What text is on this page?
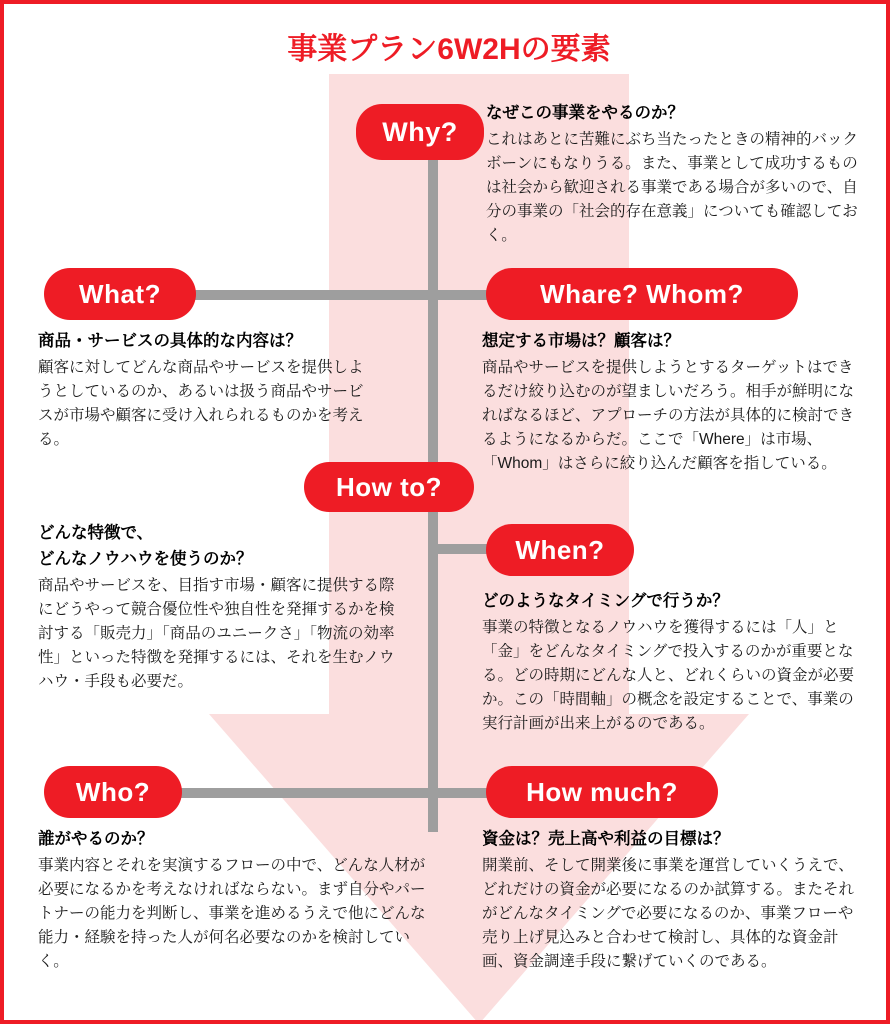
事業プラン6W2Hの要素
Why?
なぜこの事業をやるのか？
これはあとに苦難にぶち当たったときの精神的バックボーンにもなりうる。また、事業として成功するものは社会から歓迎される事業である場合が多いので、自分の事業の「社会的存在意義」についても確認しておく。
What?
商品・サービスの具体的な内容は？
顧客に対してどんな商品やサービスを提供しようとしているのか、あるいは扱う商品やサービスが市場や顧客に受け入れられるものかを考える。
Whare? Whom?
想定する市場は？顧客は？
商品やサービスを提供しようとするターゲットはできるだけ絞り込むのが望ましいだろう。相手が鮮明になればなるほど、アプローチの方法が具体的に検討できるようになるからだ。ここで「Where」は市場、「Whom」はさらに絞り込んだ顧客を指している。
How to?
どんな特徴で、
どんなノウハウを使うのか？
商品やサービスを、目指す市場・顧客に提供する際にどうやって競合優位性や独自性を発揮するかを検討する「販売力」「商品のユニークさ」「物流の効率性」といった特徴を発揮するには、それを生むノウハウ・手段も必要だ。
When?
どのようなタイミングで行うか？
事業の特徴となるノウハウを獲得するには「人」と「金」をどんなタイミングで投入するのかが重要となる。どの時期にどんな人と、どれくらいの資金が必要か。この「時間軸」の概念を設定することで、事業の実行計画が出来上がるのである。
Who?
誰がやるのか？
事業内容とそれを実演するフローの中で、どんな人材が必要になるかを考えなければならない。まず自分やパートナーの能力を判断し、事業を進めるうえで他にどんな能力・経験を持った人が何名必要なのかを検討していく。
How much?
資金は？売上高や利益の目標は？
開業前、そして開業後に事業を運営していくうえで、どれだけの資金が必要になるのか試算する。またそれがどんなタイミングで必要になるのか、事業フローや売り上げ見込みと合わせて検討し、具体的な資金計画、資金調達手段に繋げていくのである。
